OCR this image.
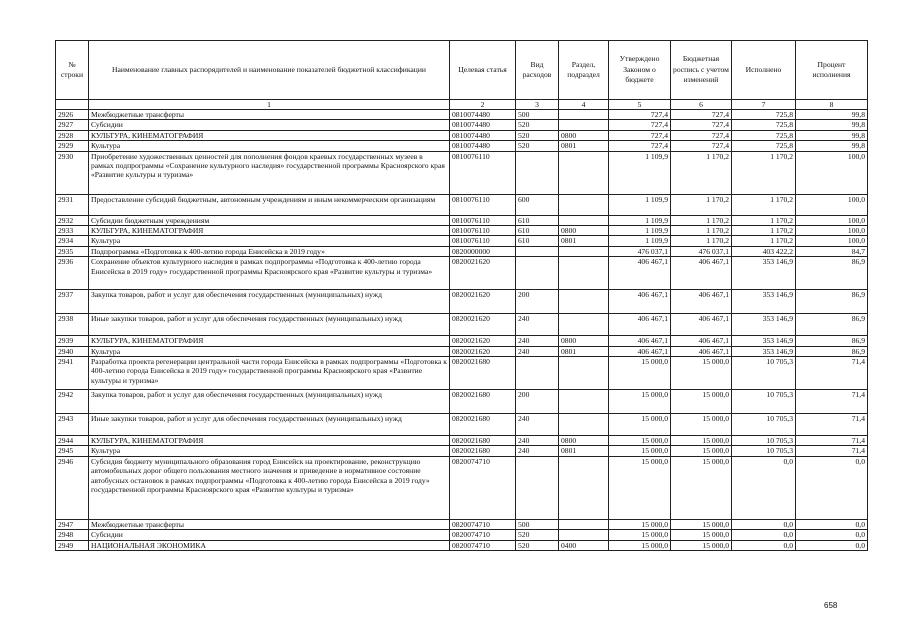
№ строки	Наименование главных распорядителей и наименование показателей бюджетной классификации	Целевая статья	Вид расходов	Раздел, подраздел	Утверждено Законом о бюджете	Бюджетная роспись с учетом изменений	Исполнено	Процент исполнения
	1	2	3	4	5	6	7	8
2926	Межбюджетные трансферты	0810074480	500		727,4	727,4	725,8	99,8
2927	Субсидии	0810074480	520		727,4	727,4	725,8	99,8
2928	КУЛЬТУРА, КИНЕМАТОГРАФИЯ	0810074480	520	0800	727,4	727,4	725,8	99,8
2929	Культура	0810074480	520	0801	727,4	727,4	725,8	99,8
2930	Приобретение художественных ценностей для пополнения фондов краевых государственных музеев в рамках подпрограммы «Сохранение культурного наследия» государственной программы Красноярского края «Развитие культуры и туризма»	0810076110			1 109,9	1 170,2	1 170,2	100,0
2931	Предоставление субсидий бюджетным, автономным учреждениям и иным некоммерческим организациям	0810076110	600		1 109,9	1 170,2	1 170,2	100,0
2932	Субсидии бюджетным учреждениям	0810076110	610		1 109,9	1 170,2	1 170,2	100,0
2933	КУЛЬТУРА, КИНЕМАТОГРАФИЯ	0810076110	610	0800	1 109,9	1 170,2	1 170,2	100,0
2934	Культура	0810076110	610	0801	1 109,9	1 170,2	1 170,2	100,0
2935	Подпрограмма «Подготовка к 400-летию города Енисейска в 2019 году»	0820000000			476 037,1	476 037,1	403 422,2	84,7
2936	Сохранение объектов культурного наследия в рамках подпрограммы «Подготовка к 400-летию города Енисейска в 2019 году» государственной программы Красноярского края «Развитие культуры и туризма»	0820021620			406 467,1	406 467,1	353 146,9	86,9
2937	Закупка товаров, работ и услуг для обеспечения государственных (муниципальных) нужд	0820021620	200		406 467,1	406 467,1	353 146,9	86,9
2938	Иные закупки товаров, работ и услуг для обеспечения государственных (муниципальных) нужд	0820021620	240		406 467,1	406 467,1	353 146,9	86,9
2939	КУЛЬТУРА, КИНЕМАТОГРАФИЯ	0820021620	240	0800	406 467,1	406 467,1	353 146,9	86,9
2940	Культура	0820021620	240	0801	406 467,1	406 467,1	353 146,9	86,9
2941	Разработка проекта регенерации центральной части города Енисейска в рамках подпрограммы «Подготовка к 400-летию города Енисейска в 2019 году» государственной программы Красноярского края «Развитие культуры и туризма»	0820021680			15 000,0	15 000,0	10 705,3	71,4
2942	Закупка товаров, работ и услуг для обеспечения государственных (муниципальных) нужд	0820021680	200		15 000,0	15 000,0	10 705,3	71,4
2943	Иные закупки товаров, работ и услуг для обеспечения государственных (муниципальных) нужд	0820021680	240		15 000,0	15 000,0	10 705,3	71,4
2944	КУЛЬТУРА, КИНЕМАТОГРАФИЯ	0820021680	240	0800	15 000,0	15 000,0	10 705,3	71,4
2945	Культура	0820021680	240	0801	15 000,0	15 000,0	10 705,3	71,4
2946	Субсидия бюджету муниципального образования город Енисейск на проектирование, реконструкцию автомобильных дорог общего пользования местного значения и приведение в нормативное состояние автобусных остановок в рамках подпрограммы «Подготовка к 400-летию города Енисейска в 2019 году» государственной программы Красноярского края «Развитие культуры и туризма»	0820074710			15 000,0	15 000,0	0,0	0,0
2947	Межбюджетные трансферты	0820074710	500		15 000,0	15 000,0	0,0	0,0
2948	Субсидии	0820074710	520		15 000,0	15 000,0	0,0	0,0
2949	НАЦИОНАЛЬНАЯ ЭКОНОМИКА	0820074710	520	0400	15 000,0	15 000,0	0,0	0,0
658
